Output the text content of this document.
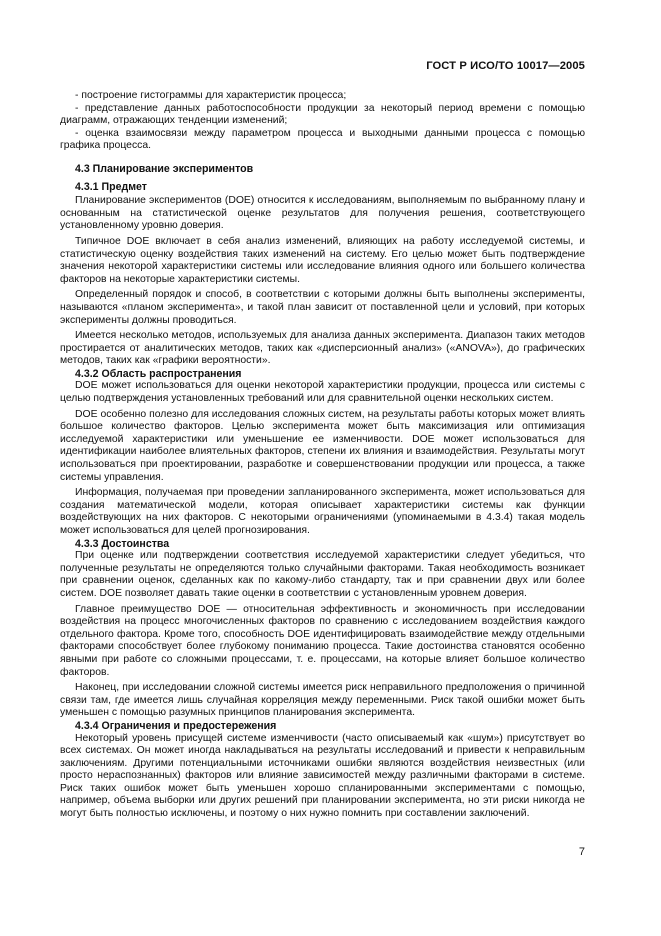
ГОСТ Р ИСО/ТО 10017—2005

- построение гистограммы для характеристик процесса;

- представление данных работоспособности продукции за некоторый период времени с помощью диаграмм, отражающих тенденции изменений;

- оценка взаимосвязи между параметром процесса и выходными данными процесса с помощью графика процесса.

4.3 Планирование экспериментов
4.3.1 Предмет

Планирование экспериментов (DOE) относится к исследованиям, выполняемым по выбранному плану и основанным на статистической оценке результатов для получения решения, соответствующего установленному уровню доверия.

Типичное DOE включает в себя анализ изменений, влияющих на работу исследуемой системы, и статистическую оценку воздействия таких изменений на систему. Его целью может быть подтверждение значения некоторой характеристики системы или исследование влияния одного или большего количества факторов на некоторые характеристики системы.

Определенный порядок и способ, в соответствии с которыми должны быть выполнены эксперименты, называются «планом эксперимента», и такой план зависит от поставленной цели и условий, при которых эксперименты должны проводиться.

Имеется несколько методов, используемых для анализа данных эксперимента. Диапазон таких методов простирается от аналитических методов, таких как «дисперсионный анализ» («ANOVA»), до графических методов, таких как «графики вероятности».

4.3.2 Область распространения

DOE может использоваться для оценки некоторой характеристики продукции, процесса или системы с целью подтверждения установленных требований или для сравнительной оценки нескольких систем.

DOE особенно полезно для исследования сложных систем, на результаты работы которых может влиять большое количество факторов. Целью эксперимента может быть максимизация или оптимизация исследуемой характеристики или уменьшение ее изменчивости. DOE может использоваться для идентификации наиболее влиятельных факторов, степени их влияния и взаимодействия. Результаты могут использоваться при проектировании, разработке и совершенствовании продукции или процесса, а также системы управления.

Информация, получаемая при проведении запланированного эксперимента, может использоваться для создания математической модели, которая описывает характеристики системы как функции воздействующих на них факторов. С некоторыми ограничениями (упоминаемыми в 4.3.4) такая модель может использоваться для целей прогнозирования.

4.3.3 Достоинства

При оценке или подтверждении соответствия исследуемой характеристики следует убедиться, что полученные результаты не определяются только случайными факторами. Такая необходимость возникает при сравнении оценок, сделанных как по какому-либо стандарту, так и при сравнении двух или более систем. DOE позволяет давать такие оценки в соответствии с установленным уровнем доверия.

Главное преимущество DOE — относительная эффективность и экономичность при исследовании воздействия на процесс многочисленных факторов по сравнению с исследованием воздействия каждого отдельного фактора. Кроме того, способность DOE идентифицировать взаимодействие между отдельными факторами способствует более глубокому пониманию процесса. Такие достоинства становятся особенно явными при работе со сложными процессами, т. е. процессами, на которые влияет большое количество факторов.

Наконец, при исследовании сложной системы имеется риск неправильного предположения о причинной связи там, где имеется лишь случайная корреляция между переменными. Риск такой ошибки может быть уменьшен с помощью разумных принципов планирования эксперимента.

4.3.4 Ограничения и предостережения

Некоторый уровень присущей системе изменчивости (часто описываемый как «шум») присутствует во всех системах. Он может иногда накладываться на результаты исследований и привести к неправильным заключениям. Другими потенциальными источниками ошибки являются воздействия неизвестных (или просто нераспознанных) факторов или влияние зависимостей между различными факторами в системе. Риск таких ошибок может быть уменьшен хорошо спланированными экспериментами с помощью, например, объема выборки или других решений при планировании эксперимента, но эти риски никогда не могут быть полностью исключены, и поэтому о них нужно помнить при составлении заключений.

7
